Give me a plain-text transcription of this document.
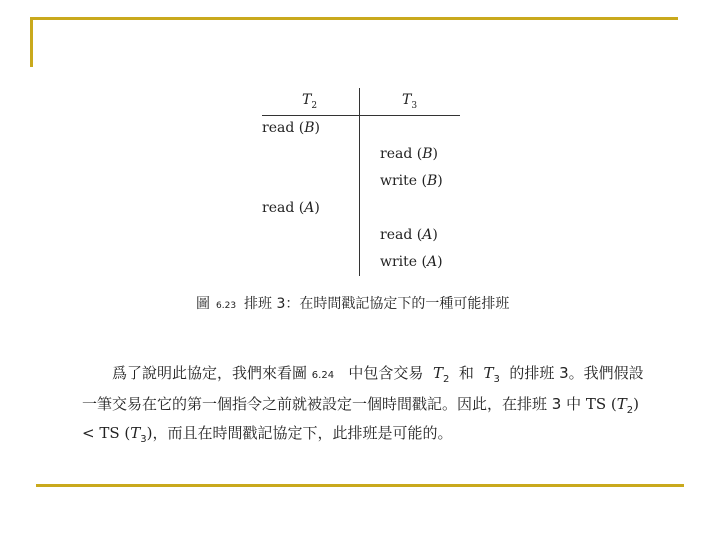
$T_2$	$T_3$
read (B)
read (B)
write (B)
read (A)
read (A)
write (A)
圖 6.23 排班 3：在時間戳記協定下的一種可能排班
爲了說明此協定，我們來看圖 6.24 中包含交易 $T_2$ 和 $T_3$ 的排班 3。我們假設
一筆交易在它的第一個指令之前就被設定一個時間戳記。因此，在排班 3 中 TS $(T_2)$
< TS $(T_3)$，而且在時間戳記協定下，此排班是可能的。
